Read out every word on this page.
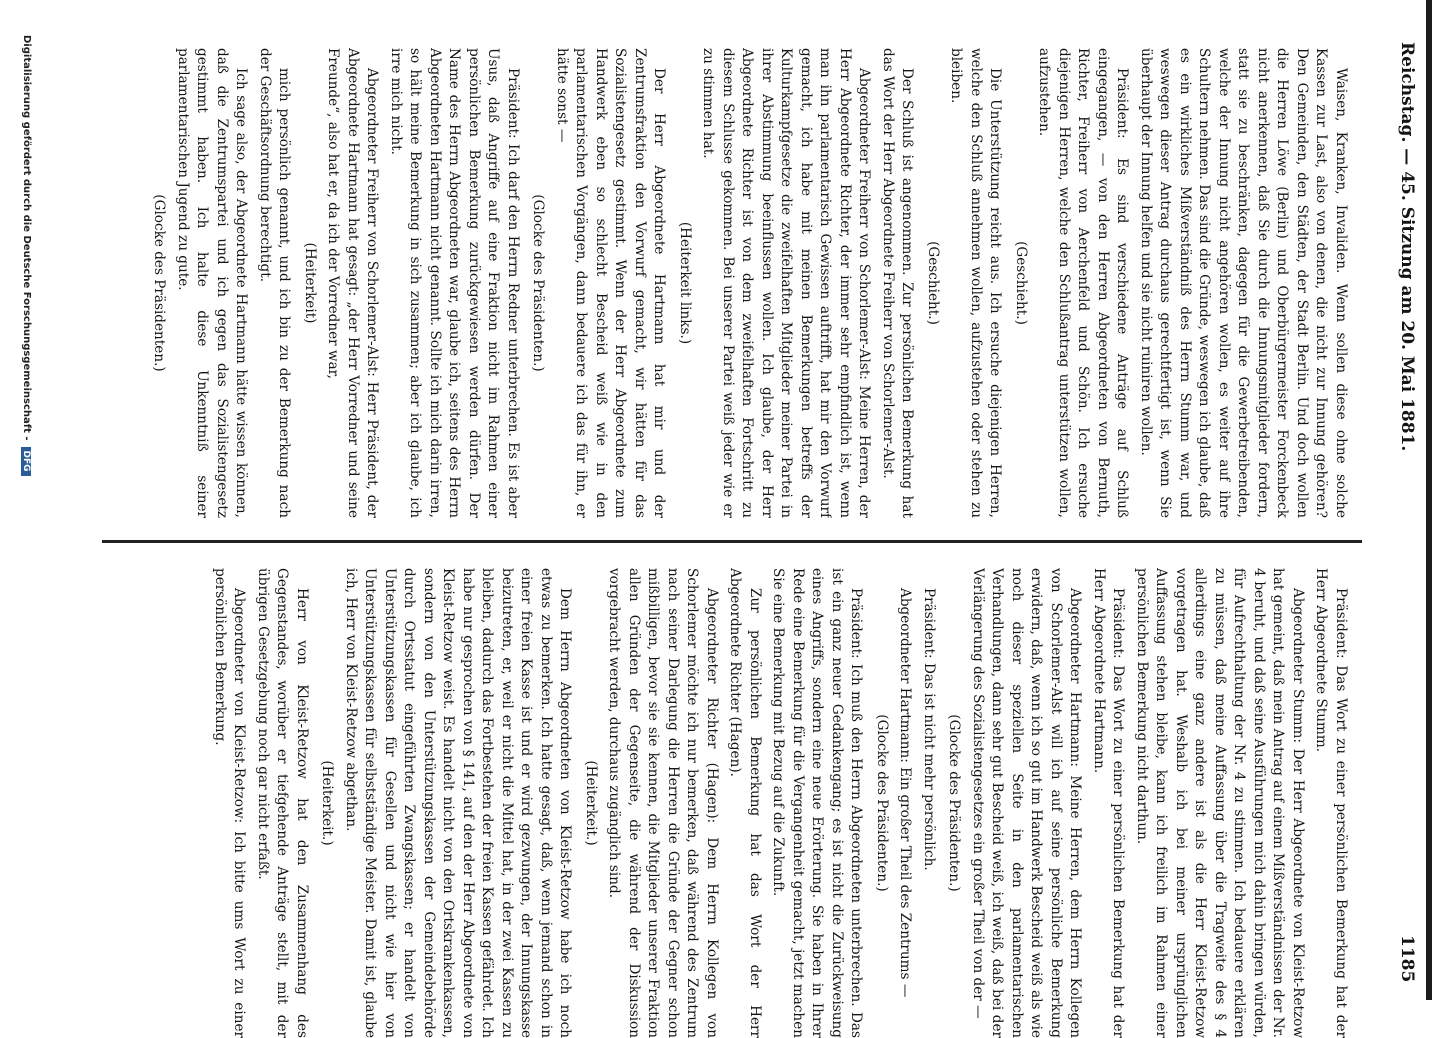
Reichstag. — 45. Sitzung am 20. Mai 1881.
1185

Waisen, Kranken, Invaliden. Wenn sollen diese ohne solche Kassen zur Last, also von denen, die nicht zur Innung gehören? Den Gemeinden, den Städten, der Stadt Berlin. Und doch wollen die Herren Löwe (Berlin) und Oberbürgermeister Forckenbeck nicht anerkennen, daß Sie durch die Innungsmitglieder fordern, statt sie zu beschränken, dagegen für die Gewerbetreibenden, welche der Innung nicht angehören wollen, es weiter auf ihre Schultern nehmen. Das sind die Gründe, weswegen ich glaube, daß es ein wirkliches Mißverständniß des Herrn Stumm war, und weswegen dieser Antrag durchaus gerechtfertigt ist, wenn Sie überhaupt der Innung helfen und sie nicht ruiniren wollen.

Präsident: Es sind verschiedene Anträge auf Schluß eingegangen, — von den Herren Abgeordneten von Bernuth, Richter, Freiherr von Aerchenfeld und Schön. Ich ersuche diejenigen Herren, welche den Schlußantrag unterstützen wollen, aufzustehen.

(Geschieht.)

Die Unterstützung reicht aus. Ich ersuche diejenigen Herren, welche den Schluß annehmen wollen, aufzustehen oder stehen zu bleiben.

(Geschieht.)

Der Schluß ist angenommen. Zur persönlichen Bemerkung hat das Wort der Herr Abgeordnete Freiherr von Schorlemer-Alst.

Abgeordneter Freiherr von Schorlemer-Alst: Meine Herren, der Herr Abgeordnete Richter, der immer sehr empfindlich ist, wenn man ihn parlamentarisch Gewissen auftrifft, hat mir den Vorwurf gemacht, ich habe mit meinen Bemerkungen betreffs der Kulturkampfgesetze die zweifelhaften Mitglieder meiner Partei in ihrer Abstimmung beeinflussen wollen. Ich glaube, der Herr Abgeordnete Richter ist von dem zweifelhaften Fortschritt zu diesem Schlusse gekommen. Bei unserer Partei weiß jeder wie er zu stimmen hat.

(Heiterkeit links.)

Der Herr Abgeordnete Hartmann hat mir und der Zentrumsfraktion den Vorwurf gemacht, wir hätten für das Sozialistengesetz gestimmt. Wenn der Herr Abgeordnete zum Handwerk eben so schlecht Bescheid weiß wie in den parlamentarischen Vorgängen, dann bedauere ich das für ihn, er hätte sonst —

(Glocke des Präsidenten.)

Präsident: Ich darf den Herrn Redner unterbrechen. Es ist aber Usus, daß Angriffe auf eine Fraktion nicht im Rahmen einer persönlichen Bemerkung zurückgewiesen werden dürfen. Der Name des Herrn Abgeordneten war, glaube ich, seitens des Herrn Abgeordneten Hartmann nicht genannt. Sollte ich mich darin irren, so hält meine Bemerkung in sich zusammen; aber ich glaube, ich irre mich nicht.

Abgeordneter Freiherr von Schorlemer-Alst: Herr Präsident, der Abgeordnete Hartmann hat gesagt: „der Herr Vorredner und seine Freunde“, also hat er, da ich der Vorredner war,

(Heiterkeit)

mich persönlich genannt, und ich bin zu der Bemerkung nach der Geschäftsordnung berechtigt.

Ich sage also, der Abgeordnete Hartmann hätte wissen können, daß die Zentrumspartei und ich gegen das Sozialistengesetz gestimmt haben. Ich halte diese Unkenntniß seiner parlamentarischen Jugend zu gute.

(Glocke des Präsidenten.)

Präsident: Das Wort zu einer persönlichen Bemerkung hat der Herr Abgeordnete Stumm.

Abgeordneter Stumm: Der Herr Abgeordnete von Kleist-Retzow hat gemeint, daß mein Antrag auf einem Mißverständnissen der Nr. 4 beruht, und daß seine Ausführungen mich dahin bringen würden, für Aufrechthaltung der Nr. 4 zu stimmen. Ich bedauere erklären zu müssen, daß meine Auffassung über die Tragweite des § 4 allerdings eine ganz andere ist als die Herr Kleist-Retzow vorgetragen hat. Weshalb ich bei meiner ursprünglichen Auffassung stehen bleibe, kann ich freilich im Rahmen einer persönlichen Bemerkung nicht darthun.

Präsident: Das Wort zu einer persönlichen Bemerkung hat der Herr Abgeordnete Hartmann.

Abgeordneter Hartmann: Meine Herren, dem Herrn Kollegen von Schorlemer-Alst will ich auf seine persönliche Bemerkung erwidern, daß, wenn ich so gut im Handwerk Bescheid weiß als wie noch dieser speziellen Seite in den parlamentarischen Verhandlungen, dann sehr gut Bescheid weiß, ich weiß, daß bei der Verlängerung des Sozialistengesetzes ein großer Theil von der —

(Glocke des Präsidenten.)

Präsident: Das ist nicht mehr persönlich.

Abgeordneter Hartmann: Ein großer Theil des Zentrums —

(Glocke des Präsidenten.)

Präsident: Ich muß den Herrn Abgeordneten unterbrechen. Das ist ein ganz neuer Gedankengang; es ist nicht die Zurückweisung eines Angriffs, sondern eine neue Erörterung. Sie haben in Ihrer Rede eine Bemerkung für die Vergangenheit gemacht, jetzt machen Sie eine Bemerkung mit Bezug auf die Zukunft.

Zur persönlichen Bemerkung hat das Wort der Herr Abgeordnete Richter (Hagen).

Abgeordneter Richter (Hagen): Dem Herrn Kollegen von Schorlemer möchte ich nur bemerken, daß während des Zentrum nach seiner Darlegung die Herren die Gründe der Gegner schon mißbilligen, bevor sie sie kennen, die Mitglieder unserer Fraktion allen Gründen der Gegenseite, die während der Diskussion vorgebracht werden, durchaus zugänglich sind.

(Heiterkeit.)

Dem Herrn Abgeordneten von Kleist-Retzow habe ich noch etwas zu bemerken. Ich hatte gesagt, daß, wenn jemand schon in einer freien Kasse ist und er wird gezwungen, der Innungskasse beizutreten, er, weil er nicht die Mittel hat, in der zwei Kassen zu bleiben, dadurch das Fortbestehen der freien Kassen gefährdet. Ich habe nur gesprochen von § 141, auf den der Herr Abgeordnete von Kleist-Retzow weist. Es handelt nicht von den Ortskrankenkassen, sondern von den Unterstützungskassen der Gemeindebehörde durch Ortsstatut eingeführten Zwangskassen; er handelt von Unterstützungskassen für Gesellen und nicht wie hier von Unterstützungskassen für selbstständige Meister. Damit ist, glaube ich, Herr von Kleist-Retzow abgethan.

(Heiterkeit.)

Herr von Kleist-Retzow hat den Zusammenhang des Gegenstandes, worüber er tiefgehende Anträge stellt, mit der übrigen Gesetzgebung noch gar nicht erfaßt.

Abgeordneter von Kleist-Retzow: Ich bitte ums Wort zu einer persönlichen Bemerkung.

Digitalisierung gefördert durch die Deutsche Forschungsgemeinschaft -DFG
